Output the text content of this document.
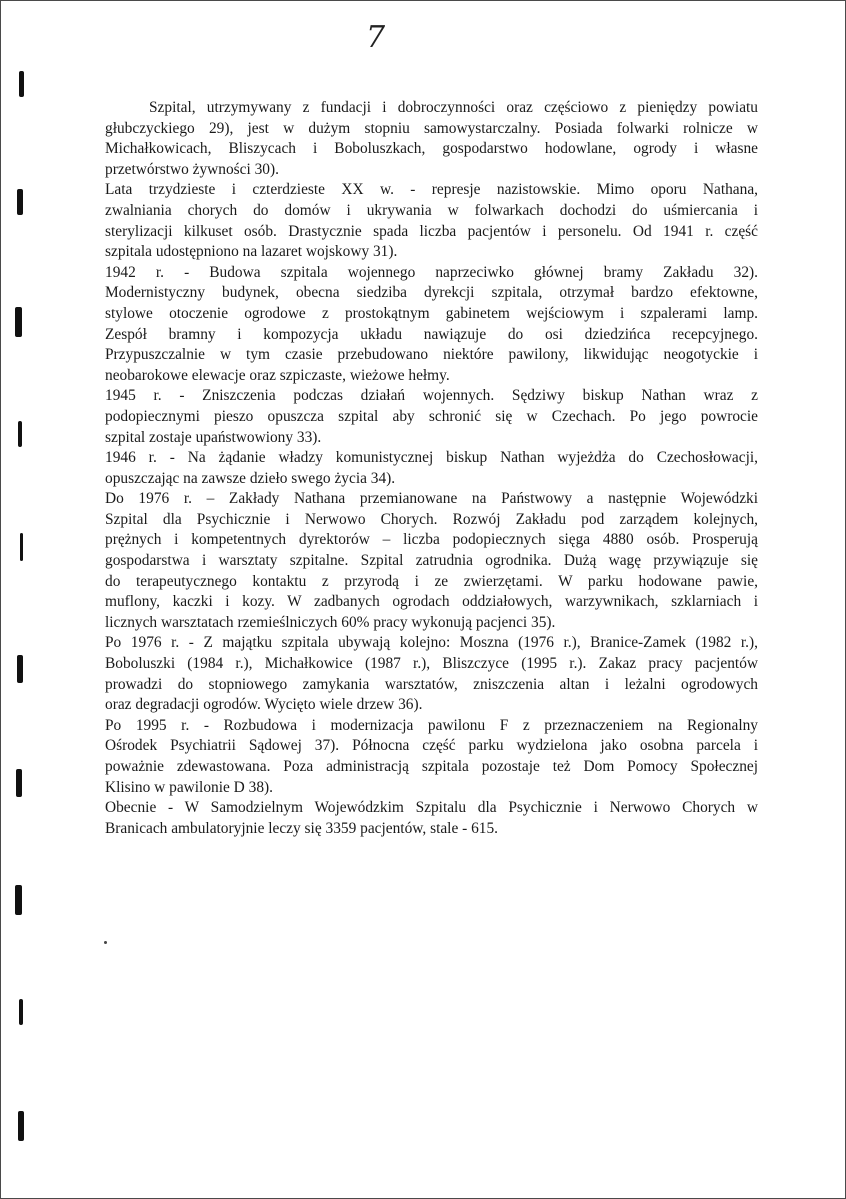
7
Szpital, utrzymywany z fundacji i dobroczynności oraz częściowo z pieniędzy powiatu
głubczyckiego 29), jest w dużym stopniu samowystarczalny. Posiada folwarki rolnicze w
Michałkowicach, Bliszycach i Boboluszkach, gospodarstwo hodowlane, ogrody i własne
przetwórstwo żywności 30).
Lata trzydzieste i czterdzieste XX w. - represje nazistowskie. Mimo oporu Nathana,
zwalniania chorych do domów i ukrywania w folwarkach dochodzi do uśmiercania i
sterylizacji kilkuset osób. Drastycznie spada liczba pacjentów i personelu. Od 1941 r. część
szpitala udostępniono na lazaret wojskowy 31).
1942 r. - Budowa szpitala wojennego naprzeciwko głównej bramy Zakładu 32).
Modernistyczny budynek, obecna siedziba dyrekcji szpitala, otrzymał bardzo efektowne,
stylowe otoczenie ogrodowe z prostokątnym gabinetem wejściowym i szpalerami lamp.
Zespół bramny i kompozycja układu nawiązuje do osi dziedzińca recepcyjnego.
Przypuszczalnie w tym czasie przebudowano niektóre pawilony, likwidując neogotyckie i
neobarokowe elewacje oraz szpiczaste, wieżowe hełmy.
1945 r. - Zniszczenia podczas działań wojennych. Sędziwy biskup Nathan wraz z
podopiecznymi pieszo opuszcza szpital aby schronić się w Czechach. Po jego powrocie
szpital zostaje upaństwowiony 33).
1946 r. - Na żądanie władzy komunistycznej biskup Nathan wyjeżdża do Czechosłowacji,
opuszczając na zawsze dzieło swego życia 34).
Do 1976 r. – Zakłady Nathana przemianowane na Państwowy a następnie Wojewódzki
Szpital dla Psychicznie i Nerwowo Chorych. Rozwój Zakładu pod zarządem kolejnych,
prężnych i kompetentnych dyrektorów – liczba podopiecznych sięga 4880 osób. Prosperują
gospodarstwa i warsztaty szpitalne. Szpital zatrudnia ogrodnika. Dużą wagę przywiązuje się
do terapeutycznego kontaktu z przyrodą i ze zwierzętami. W parku hodowane pawie,
muflony, kaczki i kozy. W zadbanych ogrodach oddziałowych, warzywnikach, szklarniach i
licznych warsztatach rzemieślniczych 60% pracy wykonują pacjenci 35).
Po 1976 r. - Z majątku szpitala ubywają kolejno: Moszna (1976 r.), Branice-Zamek (1982 r.),
Boboluszki (1984 r.), Michałkowice (1987 r.), Bliszczyce (1995 r.). Zakaz pracy pacjentów
prowadzi do stopniowego zamykania warsztatów, zniszczenia altan i leżalni ogrodowych
oraz degradacji ogrodów. Wycięto wiele drzew 36).
Po 1995 r. - Rozbudowa i modernizacja pawilonu F z przeznaczeniem na Regionalny
Ośrodek Psychiatrii Sądowej 37). Północna część parku wydzielona jako osobna parcela i
poważnie zdewastowana. Poza administracją szpitala pozostaje też Dom Pomocy Społecznej
Klisino w pawilonie D 38).
Obecnie - W Samodzielnym Wojewódzkim Szpitalu dla Psychicznie i Nerwowo Chorych w
Branicach ambulatoryjnie leczy się 3359 pacjentów, stale - 615.
